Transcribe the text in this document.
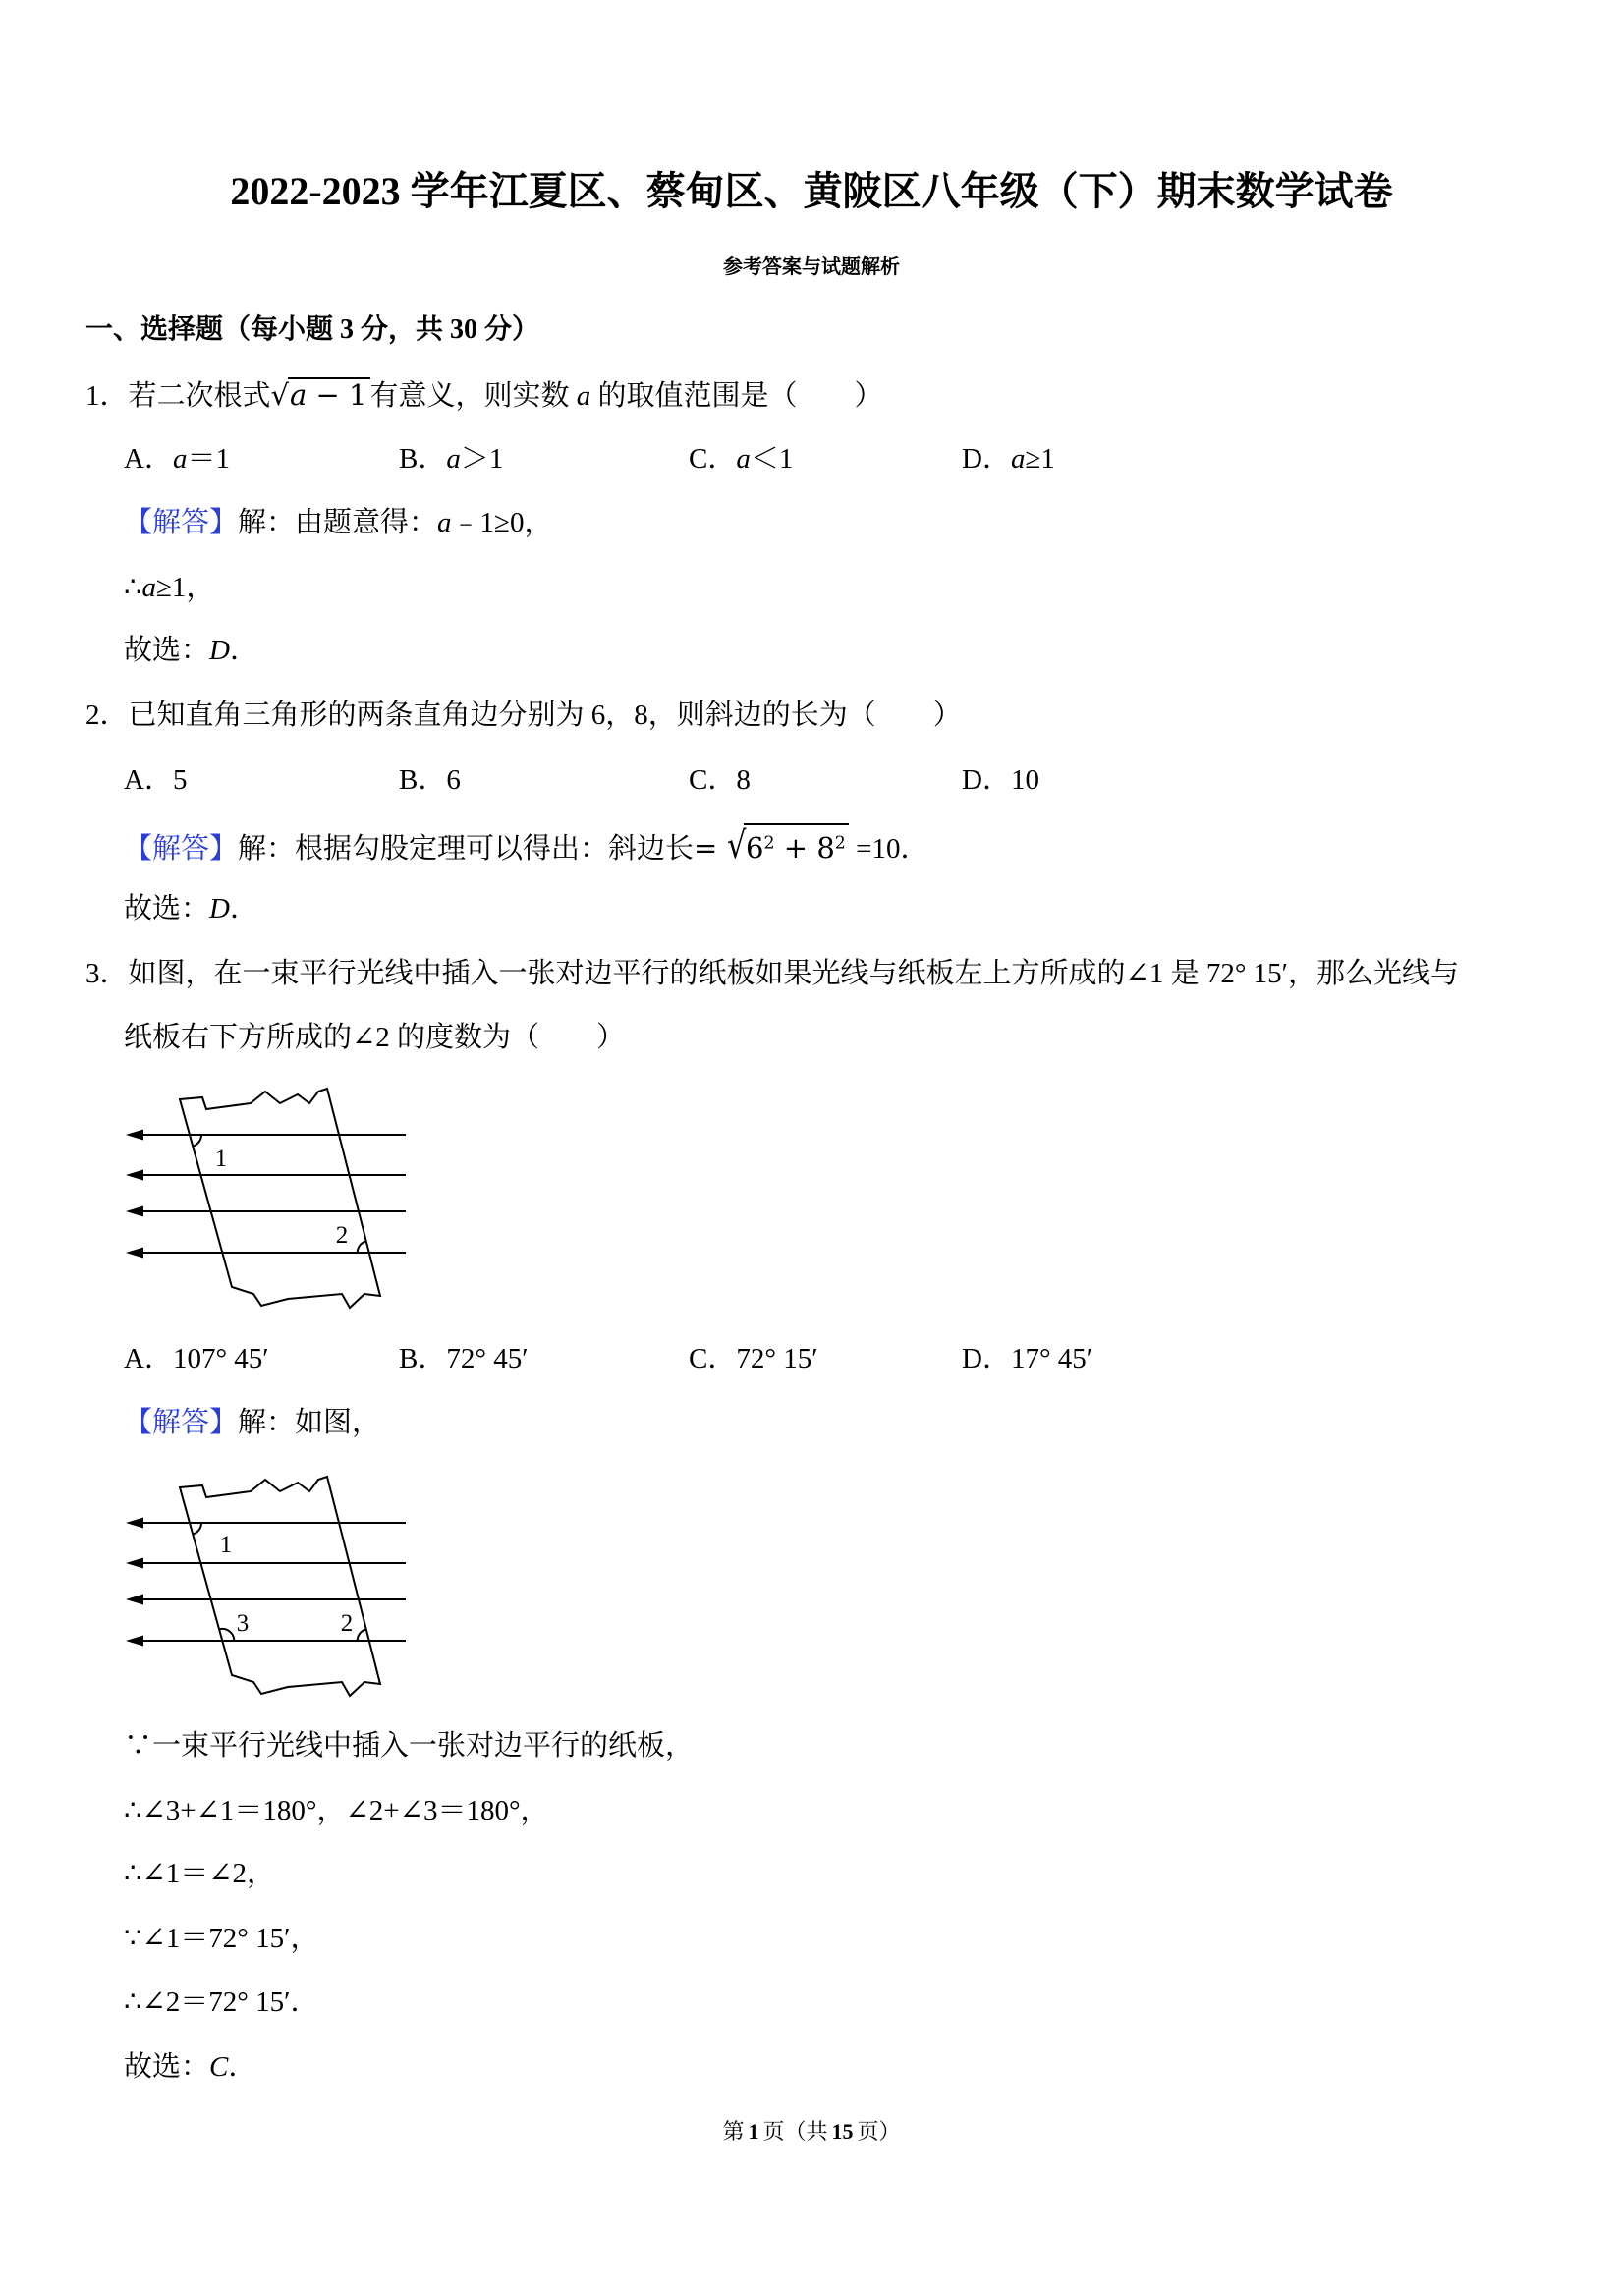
2022-2023 学年江夏区、蔡甸区、黄陂区八年级（下）期末数学试卷
参考答案与试题解析
一、选择题（每小题 3 分，共 30 分）
1．若二次根式√a − 1 有意义，则实数 a 的取值范围是（　　）
A．a＝1	B．a＞1	C．a＜1	D．a≥1
【解答】解：由题意得：a﹣1≥0，
∴a≥1，
故选：D．
2．已知直角三角形的两条直角边分别为 6，8，则斜边的长为（　　）
A．5	B．6	C．8	D．10
【解答】解：根据勾股定理可以得出：斜边长= $√6^2 + 8^2 =10$．
故选：D．
3．如图，在一束平行光线中插入一张对边平行的纸板如果光线与纸板左上方所成的∠1 是 72° 15′，那么光线与
纸板右下方所成的∠2 的度数为（　　）
1
2
A．107° 45′	B．72° 45′	C．72° 15′	D．17° 45′
【解答】解：如图，
1
3	2
∵一束平行光线中插入一张对边平行的纸板，
∴∠3+∠1＝180°，∠2+∠3＝180°，
∴∠1＝∠2，
∵∠1＝72° 15′，
∴∠2＝72° 15′．
故选：C．
第 1 页（共 15 页）
